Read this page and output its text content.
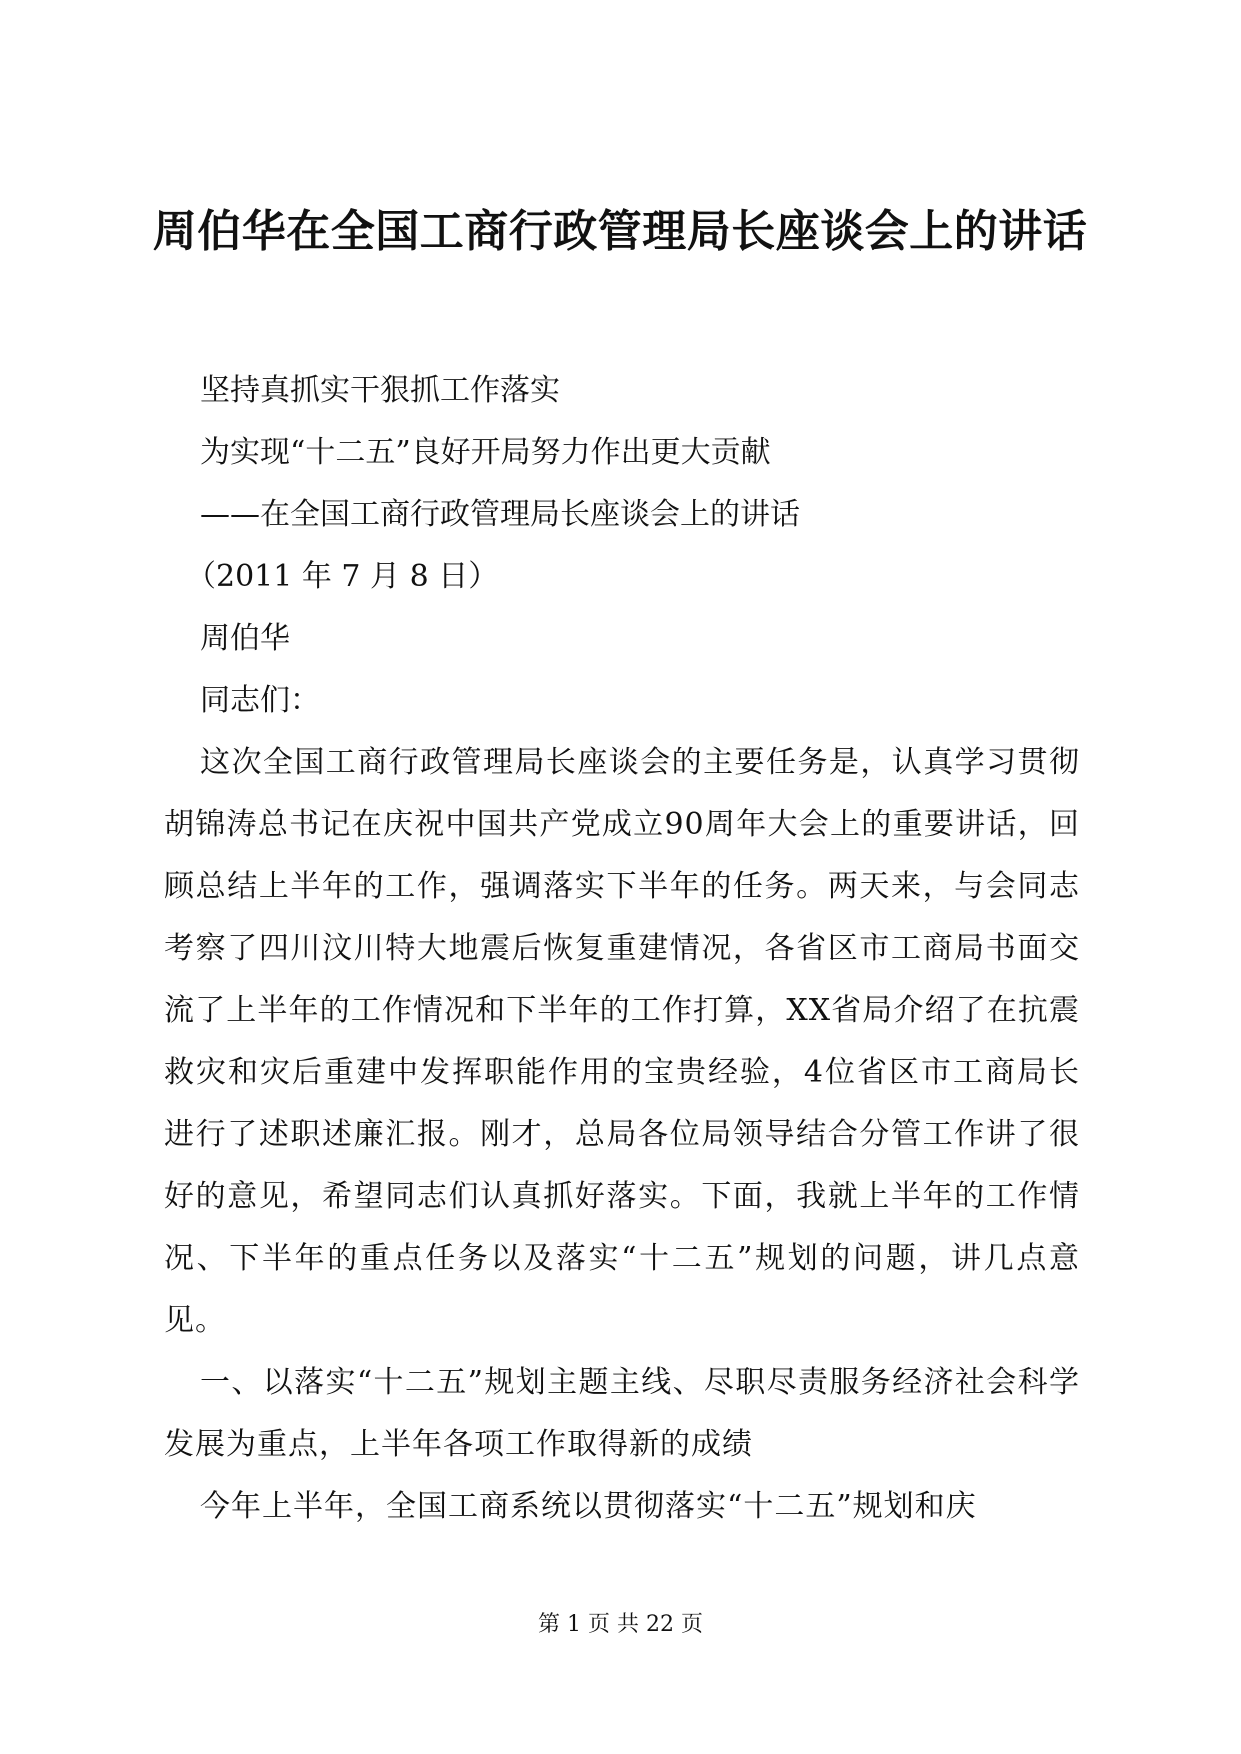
周伯华在全国工商行政管理局长座谈会上的讲话

坚持真抓实干狠抓工作落实

为实现“十二五”良好开局努力作出更大贡献

——在全国工商行政管理局长座谈会上的讲话

（2011 年 7 月 8 日）

周伯华

同志们：

这次全国工商行政管理局长座谈会的主要任务是，认真学习贯彻胡锦涛总书记在庆祝中国共产党成立90周年大会上的重要讲话，回顾总结上半年的工作，强调落实下半年的任务。两天来，与会同志考察了四川汶川特大地震后恢复重建情况，各省区市工商局书面交流了上半年的工作情况和下半年的工作打算，XX省局介绍了在抗震救灾和灾后重建中发挥职能作用的宝贵经验，4位省区市工商局长进行了述职述廉汇报。刚才，总局各位局领导结合分管工作讲了很好的意见，希望同志们认真抓好落实。下面，我就上半年的工作情况、下半年的重点任务以及落实“十二五”规划的问题，讲几点意见。

一、以落实“十二五”规划主题主线、尽职尽责服务经济社会科学发展为重点，上半年各项工作取得新的成绩

今年上半年，全国工商系统以贯彻落实“十二五”规划和庆

第 1 页 共 22 页
